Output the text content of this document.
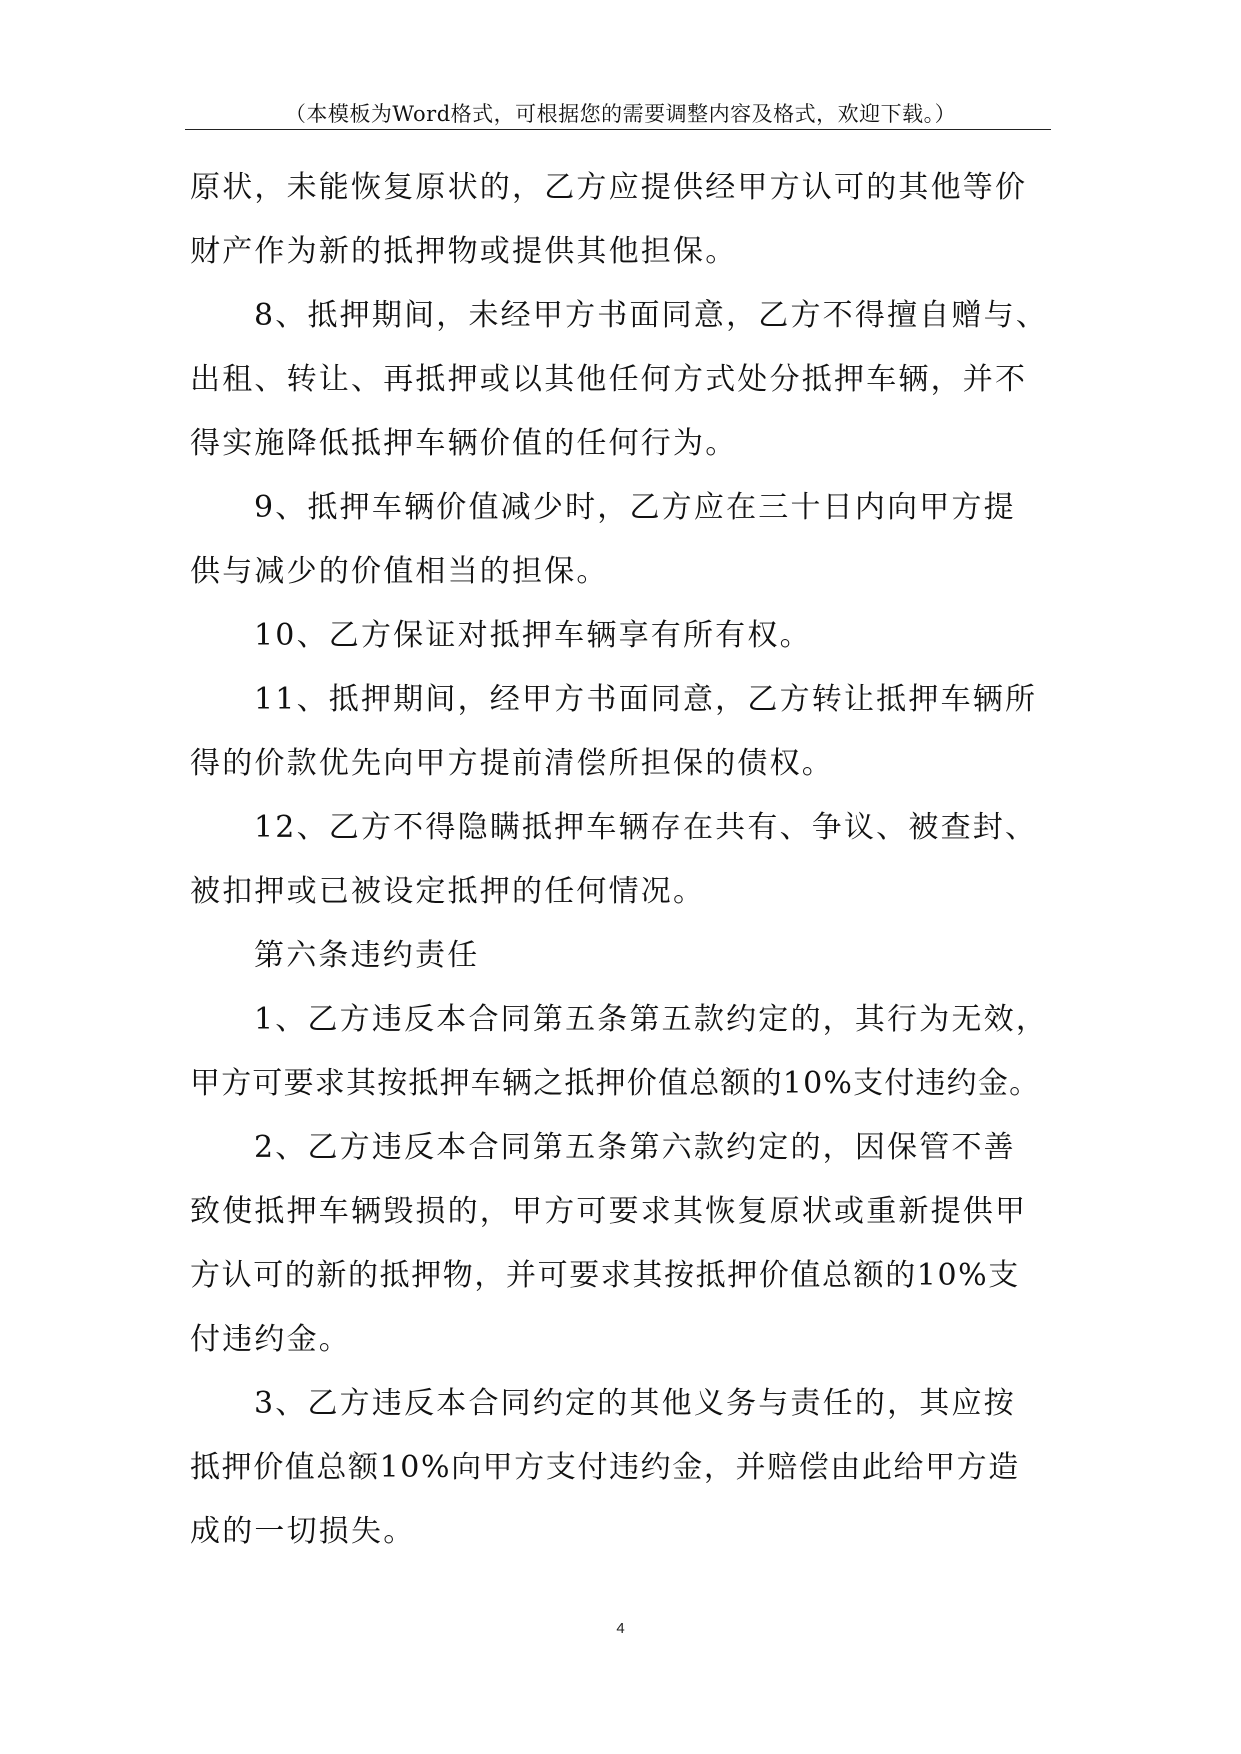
（本模板为Word格式，可根据您的需要调整内容及格式，欢迎下载。）
原状，未能恢复原状的，乙方应提供经甲方认可的其他等价
财产作为新的抵押物或提供其他担保。
8、抵押期间，未经甲方书面同意，乙方不得擅自赠与、
出租、转让、再抵押或以其他任何方式处分抵押车辆，并不
得实施降低抵押车辆价值的任何行为。
9、抵押车辆价值减少时，乙方应在三十日内向甲方提
供与减少的价值相当的担保。
10、乙方保证对抵押车辆享有所有权。
11、抵押期间，经甲方书面同意，乙方转让抵押车辆所
得的价款优先向甲方提前清偿所担保的债权。
12、乙方不得隐瞒抵押车辆存在共有、争议、被查封、
被扣押或已被设定抵押的任何情况。
第六条违约责任
1、乙方违反本合同第五条第五款约定的，其行为无效，
甲方可要求其按抵押车辆之抵押价值总额的10%支付违约金。
2、乙方违反本合同第五条第六款约定的，因保管不善
致使抵押车辆毁损的，甲方可要求其恢复原状或重新提供甲
方认可的新的抵押物，并可要求其按抵押价值总额的10%支
付违约金。
3、乙方违反本合同约定的其他义务与责任的，其应按
抵押价值总额10%向甲方支付违约金，并赔偿由此给甲方造
成的一切损失。
4
